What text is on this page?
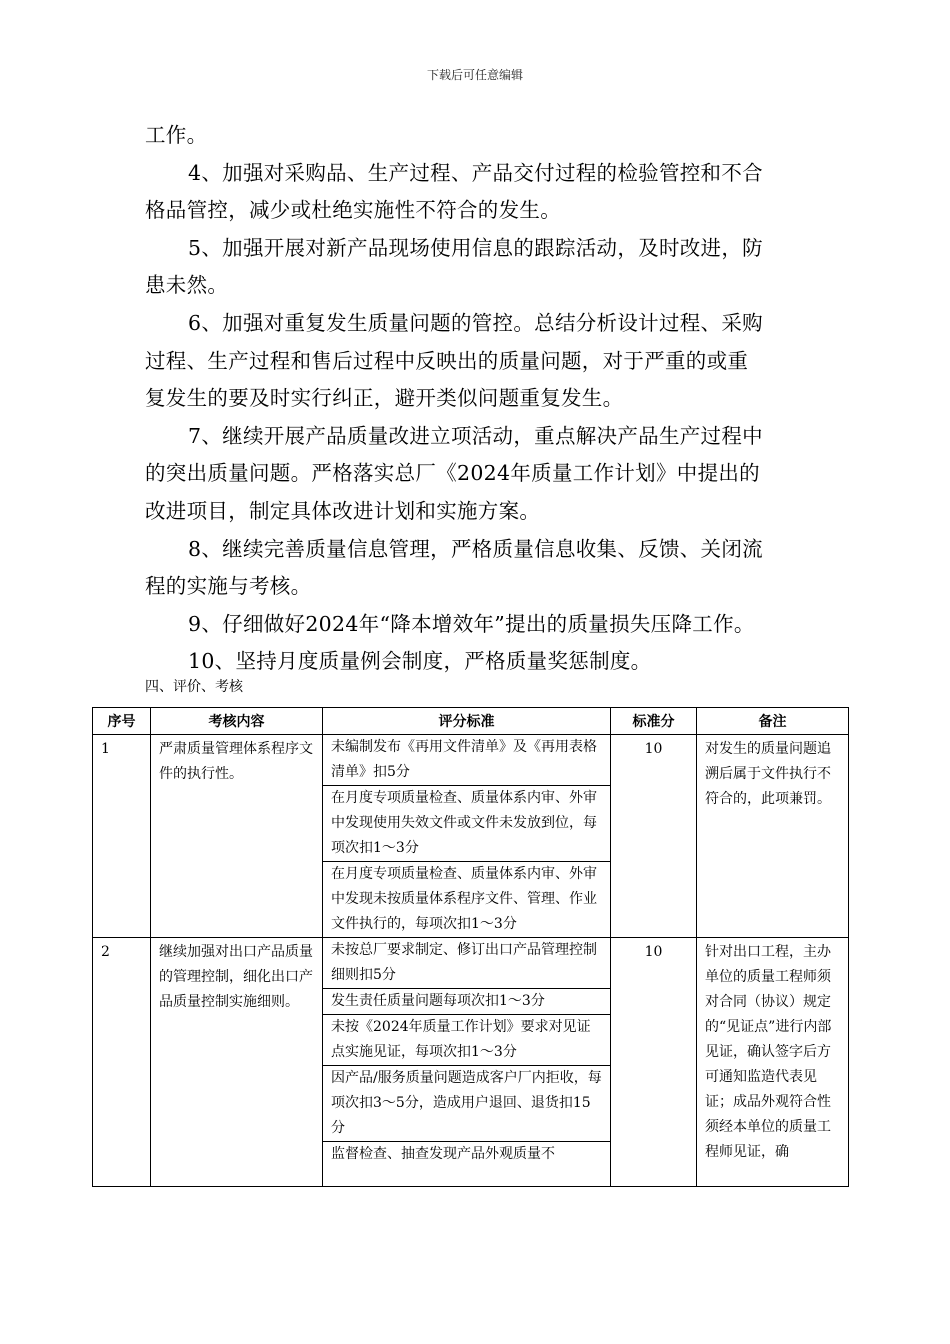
下载后可任意编辑
工作。
4、加强对采购品、生产过程、产品交付过程的检验管控和不合
格品管控，减少或杜绝实施性不符合的发生。
5、加强开展对新产品现场使用信息的跟踪活动，及时改进，防
患未然。
6、加强对重复发生质量问题的管控。总结分析设计过程、采购
过程、生产过程和售后过程中反映出的质量问题，对于严重的或重
复发生的要及时实行纠正，避开类似问题重复发生。
7、继续开展产品质量改进立项活动，重点解决产品生产过程中
的突出质量问题。严格落实总厂《2024年质量工作计划》中提出的
改进项目，制定具体改进计划和实施方案。
8、继续完善质量信息管理，严格质量信息收集、反馈、关闭流
程的实施与考核。
9、仔细做好2024年“降本增效年”提出的质量损失压降工作。
10、坚持月度质量例会制度，严格质量奖惩制度。
四、评价、考核
序号	考核内容	评分标准	标准分	备注

1	严肃质量管理体系程序文件的执行性。	未编制发布《再用文件清单》及《再用表格清单》扣5分
在月度专项质量检查、质量体系内审、外审中发现使用失效文件或文件未发放到位，每项次扣1～3分
在月度专项质量检查、质量体系内审、外审中发现未按质量体系程序文件、管理、作业文件执行的，每项次扣1～3分	10	对发生的质量问题追溯后属于文件执行不符合的，此项兼罚。

2	继续加强对出口产品质量的管理控制，细化出口产品质量控制实施细则。	未按总厂要求制定、修订出口产品管理控制细则扣5分
发生责任质量问题每项次扣1～3分
未按《2024年质量工作计划》要求对见证点实施见证，每项次扣1～3分
因产品/服务质量问题造成客户厂内拒收，每项次扣3～5分，造成用户退回、退货扣15分
监督检查、抽查发现产品外观质量不	10	针对出口工程，主办单位的质量工程师须对合同（协议）规定的“见证点”进行内部见证，确认签字后方可通知监造代表见证；成品外观符合性须经本单位的质量工程师见证，确
